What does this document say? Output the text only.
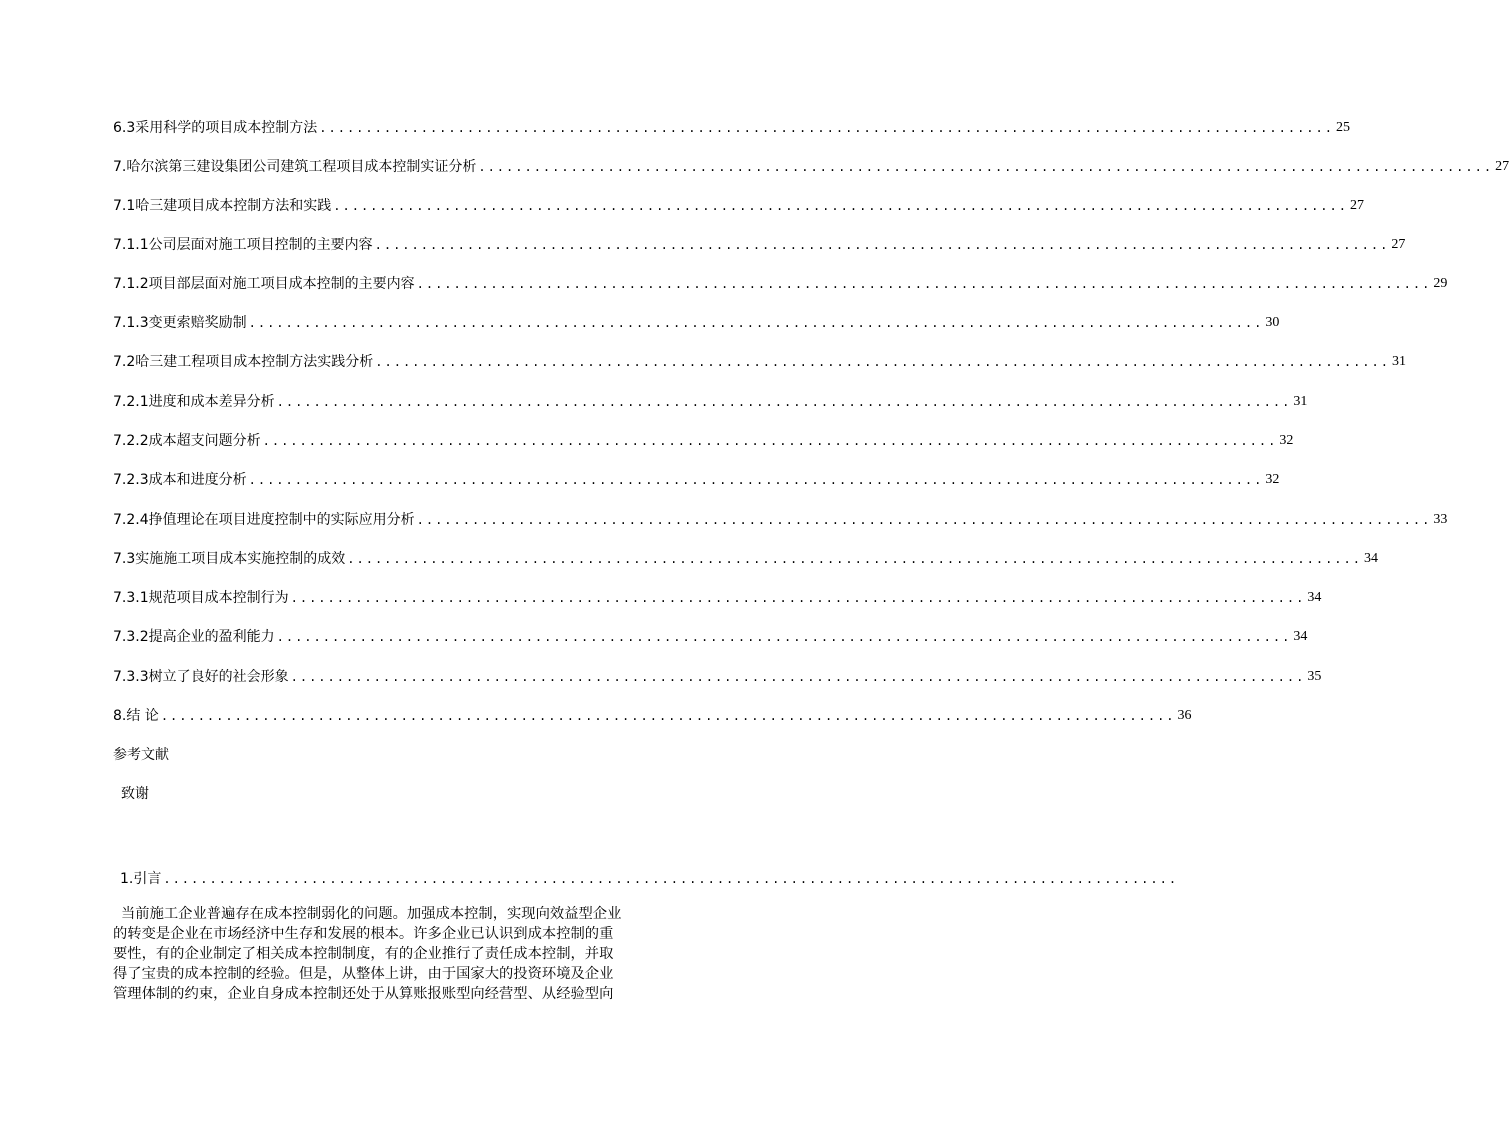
6.3采用科学的项目成本控制方法 .............................................................................................................. 25
7.哈尔滨第三建设集团公司建筑工程项目成本控制实证分析 .............................................................................................................. 27
7.1哈三建项目成本控制方法和实践 .............................................................................................................. 27
7.1.1公司层面对施工项目控制的主要内容 .............................................................................................................. 27
7.1.2项目部层面对施工项目成本控制的主要内容 .............................................................................................................. 29
7.1.3变更索赔奖励制 .............................................................................................................. 30
7.2哈三建工程项目成本控制方法实践分析 .............................................................................................................. 31
7.2.1进度和成本差异分析 .............................................................................................................. 31
7.2.2成本超支问题分析 .............................................................................................................. 32
7.2.3成本和进度分析 .............................................................................................................. 32
7.2.4挣值理论在项目进度控制中的实际应用分析 .............................................................................................................. 33
7.3实施施工项目成本实施控制的成效 .............................................................................................................. 34
7.3.1规范项目成本控制行为 .............................................................................................................. 34
7.3.2提高企业的盈利能力 .............................................................................................................. 34
7.3.3树立了良好的社会形象 .............................................................................................................. 35
8.结 论 .............................................................................................................. 36
参考文献
致谢
1.引言 ..............................................................................................................
当前施工企业普遍存在成本控制弱化的问题。加强成本控制，实现向效益型企业
的转变是企业在市场经济中生存和发展的根本。许多企业已认识到成本控制的重
要性，有的企业制定了相关成本控制制度，有的企业推行了责任成本控制，并取
得了宝贵的成本控制的经验。但是，从整体上讲，由于国家大的投资环境及企业
管理体制的约束，企业自身成本控制还处于从算账报账型向经营型、从经验型向
